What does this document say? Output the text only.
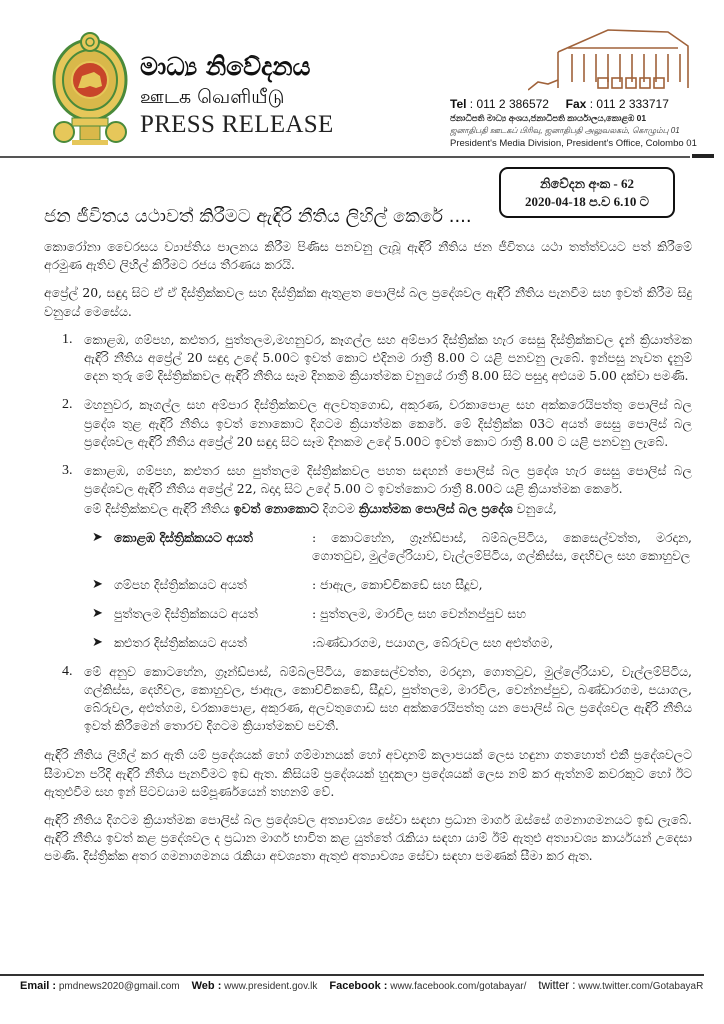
මාධ්‍ය නිවේදනය
ஊடக வெளியீடு
PRESS RELEASE
Tel : 011 2 386572 Fax : 011 2 333717
ජනාධිපති මාධ්‍ය අංශය,ජනාධිපති කාර්යාලය,කොළඹ 01
ஜனாதிபதி ஊடகப் பிரிவு, ஜனாதிபதி அலுவலகம், கொழும்பு 01
President's Media Division, President's Office, Colombo 01
නිවේදන අංක - 62
2020-04-18 ප.ව 6.10 ට
ජන ජීවිතය යථාවත් කිරීමට ඇඳිරි නීතිය ලිහිල් කෙරේ ....

කොරෝනා වෛරසය ව්‍යාප්තිය පාලනය කිරීම පිණිස පනවනු ලැබූ ඇඳිරි නීතිය ජන ජීවිතය යථා තත්ත්වයට පත් කිරීමේ අරමුණ ඇතිව ලිහිල් කිරීමට රජය තීරණය කරයි.

අප්‍රේල් 20, සඳුදා සිට ඒ ඒ දිස්ත්‍රික්කවල සහ දිස්ත්‍රික්ක ඇතුළත පොලිස් බල ප්‍රදේශවල ඇඳිරි නීතිය පැනවීම සහ ඉවත් කිරීම සිදු වනුයේ මෙසේය.

1. කොළඹ, ගම්පහ, කළුතර, පුත්තලම,මහනුවර, කෑගල්ල සහ අම්පාර දිස්ත්‍රික්ක හැර සෙසු දිස්ත්‍රික්කවල දැන් ක්‍රියාත්මක ඇඳිරි නීතිය අප්‍රේල් 20 සඳුදා උදේ 5.00ට ඉවත් කොට එදිනම රාත්‍රී 8.00 ට යළි පනවනු ලැබේ. ඉන්පසු නැවත දැනුම් දෙන තුරු මේ දිස්ත්‍රික්කවල ඇඳිරි නීතිය සෑම දිනකම ක්‍රියාත්මක වනුයේ රාත්‍රී 8.00 සිට පසුදා අළුයම 5.00 දක්වා පමණි.
2. මහනුවර, කෑගල්ල සහ අම්පාර දිස්ත්‍රික්කවල අලවතුගොඩ, අකුරණ, වරකාපොළ සහ අක්කරෙයිපත්තු පොලිස් බල ප්‍රදේශ තුළ ඇඳිරි නීතිය ඉවත් නොකොට දිගටම ක්‍රියාත්මක කෙරේ. මේ දිස්ත්‍රික්ක 03ට අයත් සෙසු පොලිස් බල ප්‍රදේශවල ඇඳිරි නීතිය අප්‍රේල් 20 සඳුදා සිට සෑම දිනකම උදේ 5.00ට ඉවත් කොට රාත්‍රී 8.00 ට යළි පනවනු ලැබේ.
3. කොළඹ, ගම්පහ, කළුතර සහ පුත්තලම දිස්ත්‍රික්කවල පහත සඳහන් පොලිස් බල ප්‍රදේශ හැර සෙසු පොලිස් බල ප්‍රදේශවල ඇඳිරි නීතිය අප්‍රේල් 22, බදාදා සිට උදේ 5.00 ට ඉවත්කොට රාත්‍රී 8.00ට යළි ක්‍රියාත්මක කෙරේ.
මේ දිස්ත්‍රික්කවල ඇඳිරි නීතිය ඉවත් නොකොට දිගටම ක්‍රියාත්මක පොලිස් බල ප්‍රදේශ වනුයේ,
➤ කොළඹ දිස්ත්‍රික්කයට අයත්	: කොටහේන, ග්‍රෑන්ඩ්පාස්, බම්බලපිටිය, කෙසෙල්වත්ත, මරදාන, ගොතටුව, මුල්ලේරියාව, වැල්ලම්පිටිය, ගල්කිස්ස, දෙහිවල සහ කොහුවල
➤ ගම්පහ දිස්ත්‍රික්කයට අයත්	: ජාඇල, කොච්චිකඩේ සහ සීදූව,
➤ පුත්තලම දිස්ත්‍රික්කයට අයත්	: පුත්තලම, මාරවිල සහ වෙන්නප්පුව සහ
➤ කළුතර දිස්ත්‍රික්කයට අයත්	:බණ්ඩාරගම, පයාගල, බේරුවල සහ අළුත්ගම,
4. මේ අනුව කොටහේන, ග්‍රෑන්ඩ්පාස්, බම්බලපිටිය, කෙසෙල්වත්ත, මරදාන, ගොතටුව, මුල්ලේරියාව, වැල්ලම්පිටිය, ගල්කිස්ස, දෙහිවල, කොහුවල, ජාඇල, කොච්චිකඩේ, සීදූව, පුත්තලම, මාරවිල, වෙන්නප්පුව, බණ්ඩාරගම, පයාගල, බේරුවල, අළුත්ගම, වරකාපොළ, අකුරණ, අලවතුගොඩ සහ අක්කරෙයිපත්තු යන පොලිස් බල ප්‍රදේශවල ඇඳිරි නීතිය ඉවත් කිරීමෙන් තොරව දිගටම ක්‍රියාත්මකව පවතී.

ඇඳිරි නීතිය ලිහිල් කර ඇති යම් ප්‍රදේශයක් හෝ ගම්මානයක් හෝ අවදානම් කලාපයක් ලෙස හඳුනා ගතහොත් එකී ප්‍රදේශවලට සීමාවන පරිදි ඇඳිරි නීතිය පැනවීමට ඉඩ ඇත. කිසියම් ප්‍රදේශයක් හුදකලා ප්‍රදේශයක් ලෙස නම් කර ඇත්නම් කවරකුට හෝ ඊට ඇතුළුවීම සහ ඉන් පිටවයාම සම්පූර්ණයෙන් තහනම් වේ.

ඇඳිරි නීතිය දිගටම ක්‍රියාත්මක පොලිස් බල ප්‍රදේශවල අත්‍යාවශ්‍ය සේවා සඳහා ප්‍රධාන මාර්ග ඔස්සේ ගමනාගමනයට ඉඩ ලැබේ. ඇඳිරි නීතිය ඉවත් කළ ප්‍රදේශවල ද ප්‍රධාන මාර්ග භාවිත කළ යුත්තේ රැකියා සඳහා යාම් ඊම් ඇතුළු අත්‍යාවශ්‍ය කාර්යයන් උදෙසා පමණි. දිස්ත්‍රික්ක අතර ගමනාගමනය රැකියා අවශ්‍යතා ඇතුළු අත්‍යාවශ්‍ය සේවා සඳහා පමණක් සීමා කර ඇත.

Email : pmdnews2020@gmail.com Web : www.president.gov.lk Facebook : www.facebook.com/gotabayar/ twitter : www.twitter.com/GotabayaR
